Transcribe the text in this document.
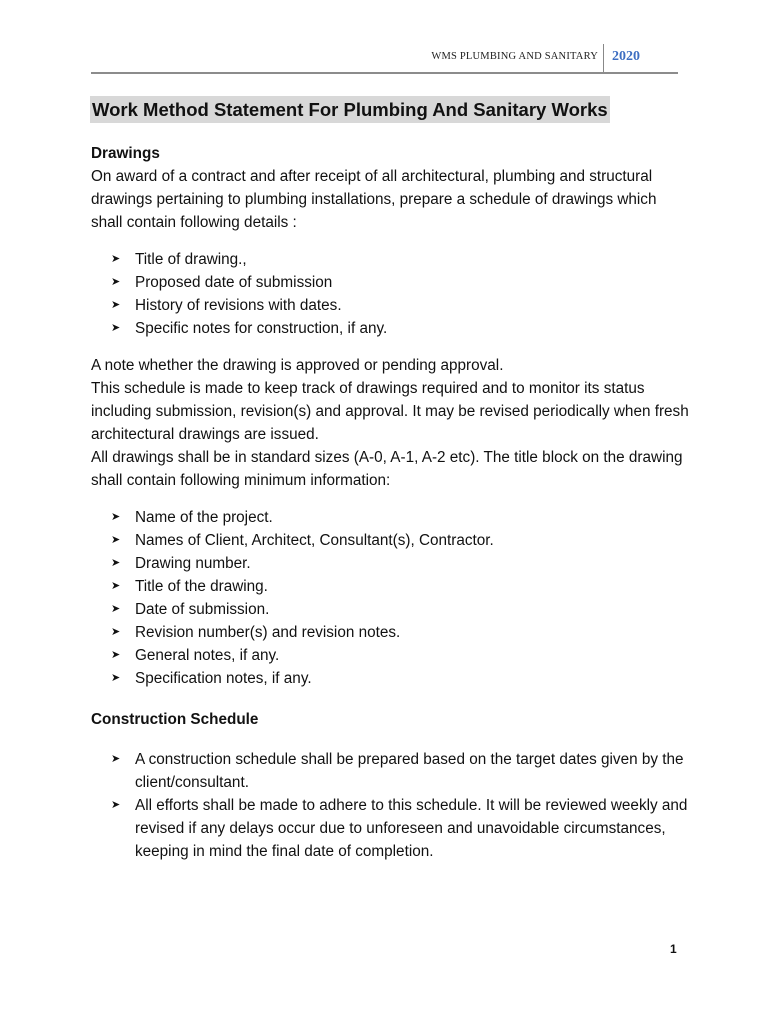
WMS PLUMBING AND SANITARY 2020
Work Method Statement For Plumbing And Sanitary Works

Drawings

On award of a contract and after receipt of all architectural, plumbing and structural drawings pertaining to plumbing installations, prepare a schedule of drawings which shall contain following details :

➤ Title of drawing.,
➤ Proposed date of submission
➤ History of revisions with dates.
➤ Specific notes for construction, if any.

A note whether the drawing is approved or pending approval.

This schedule is made to keep track of drawings required and to monitor its status including submission, revision(s) and approval. It may be revised periodically when fresh architectural drawings are issued.

All drawings shall be in standard sizes (A-0, A-1, A-2 etc). The title block on the drawing shall contain following minimum information:

➤ Name of the project.
➤ Names of Client, Architect, Consultant(s), Contractor.
➤ Drawing number.
➤ Title of the drawing.
➤ Date of submission.
➤ Revision number(s) and revision notes.
➤ General notes, if any.
➤ Specification notes, if any.

Construction Schedule

➤ A construction schedule shall be prepared based on the target dates given by the client/consultant.
➤ All efforts shall be made to adhere to this schedule. It will be reviewed weekly and revised if any delays occur due to unforeseen and unavoidable circumstances, keeping in mind the final date of completion.
1
